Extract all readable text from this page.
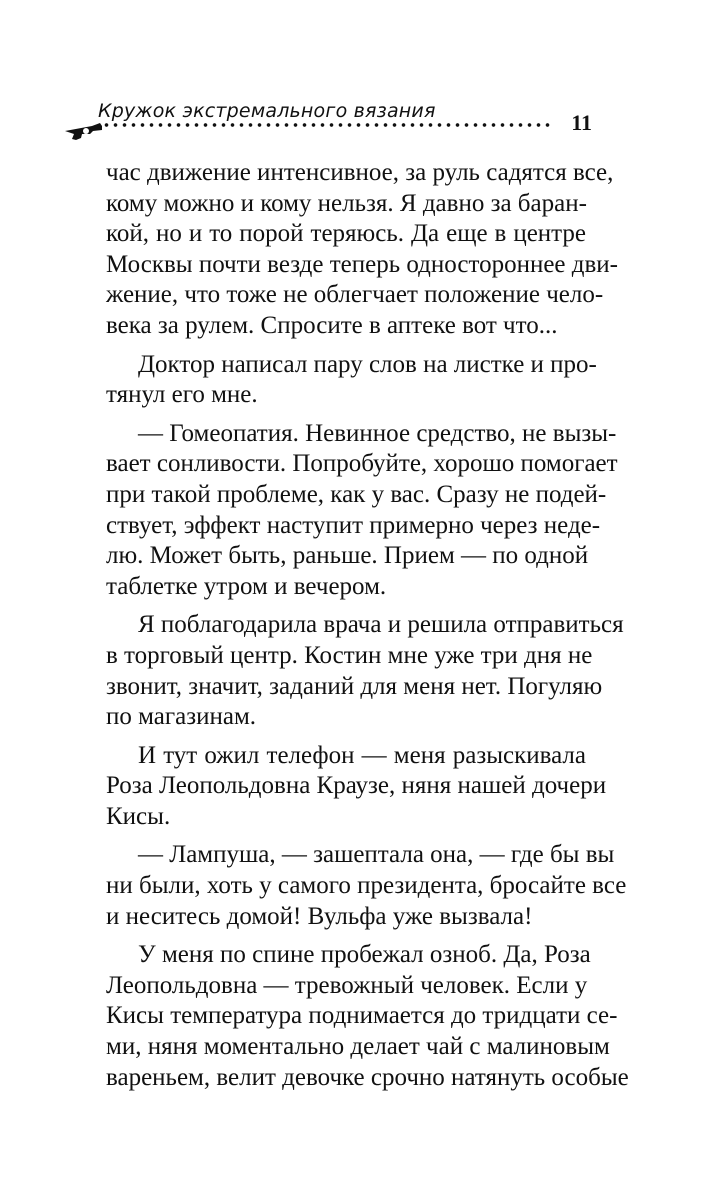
Кружок экстремального вязания	11
час движение интенсивное, за руль садятся все,
кому можно и кому нельзя. Я давно за баран-
кой, но и то порой теряюсь. Да еще в центре
Москвы почти везде теперь одностороннее дви-
жение, что тоже не облегчает положение чело-
века за рулем. Спросите в аптеке вот что...
Доктор написал пару слов на листке и про-
тянул его мне.
— Гомеопатия. Невинное средство, не вызы-
вает сонливости. Попробуйте, хорошо помогает
при такой проблеме, как у вас. Сразу не подей-
ствует, эффект наступит примерно через неде-
лю. Может быть, раньше. Прием — по одной
таблетке утром и вечером.
Я поблагодарила врача и решила отправиться
в торговый центр. Костин мне уже три дня не
звонит, значит, заданий для меня нет. Погуляю
по магазинам.
И тут ожил телефон — меня разыскивала
Роза Леопольдовна Краузе, няня нашей дочери
Кисы.
— Лампуша, — зашептала она, — где бы вы
ни были, хоть у самого президента, бросайте все
и неситесь домой! Вульфа уже вызвала!
У меня по спине пробежал озноб. Да, Роза
Леопольдовна — тревожный человек. Если у
Кисы температура поднимается до тридцати се-
ми, няня моментально делает чай с малиновым
вареньем, велит девочке срочно натянуть особые
